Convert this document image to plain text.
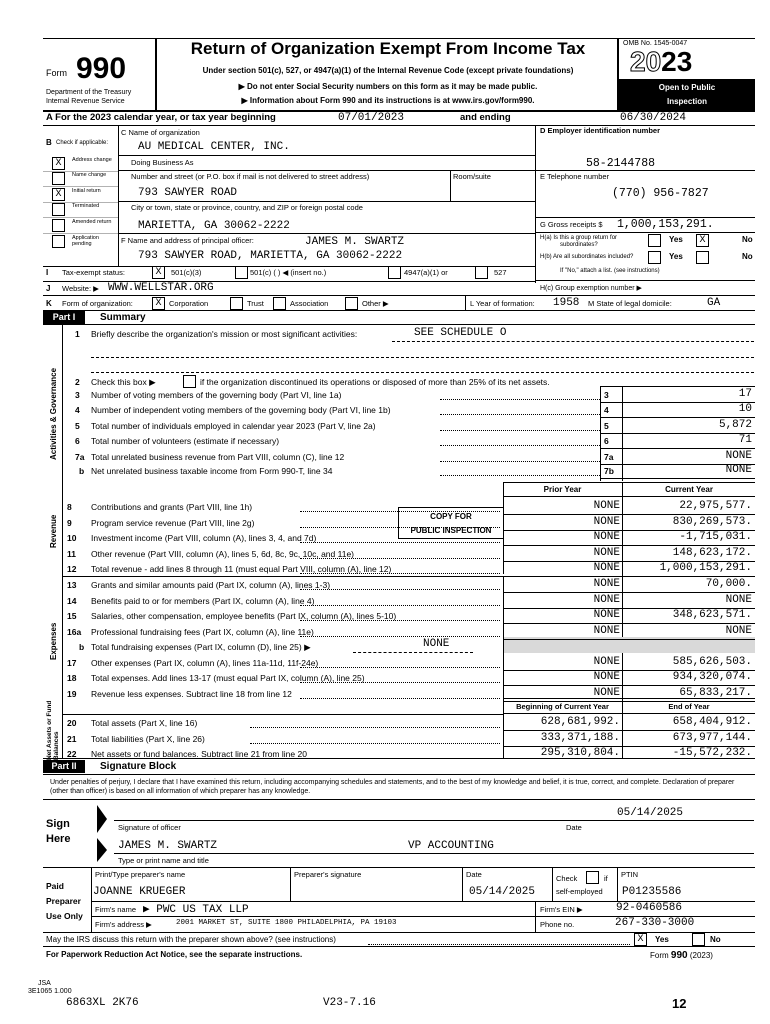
Form 990
Department of the Treasury
Internal Revenue Service
Return of Organization Exempt From Income Tax
Under section 501(c), 527, or 4947(a)(1) of the Internal Revenue Code (except private foundations)
▶ Do not enter Social Security numbers on this form as it may be made public.
▶ Information about Form 990 and its instructions is at www.irs.gov/form990.
OMB No. 1545-0047
2023
Open to Public
Inspection
A For the 2023 calendar year, or tax year beginning	07/01/2023	and ending	06/30/2024
B Check if applicable:
C Name of organization
AU MEDICAL CENTER, INC.
Doing Business As
Number and street (or P.O. box if mail is not delivered to street address)	Room/suite
793 SAWYER ROAD
City or town, state or province, country, and ZIP or foreign postal code
MARIETTA, GA 30062-2222
F Name and address of principal officer:	JAMES M. SWARTZ
793 SAWYER ROAD, MARIETTA, GA 30062-2222
D Employer identification number
58-2144788
E Telephone number
(770) 956-7827
G Gross receipts $ 1,000,153,291.
H(a) Is this a group return for
subordinates?
Yes	X	No
H(b) Are all subordinates included?	Yes	No
If "No," attach a list. (see instructions)
H(c) Group exemption number ▶
I Tax-exempt status:	X	501(c)(3)	501(c) ( ) ◀ (insert no.)	4947(a)(1) or	527
J Website: ▶ WWW.WELLSTAR.ORG
K Form of organization:	X	Corporation	Trust	Association	Other ▶	L Year of formation: 1958 M State of legal domicile:	GA
Part I	Summary
Activities & Governance
Revenue
Expenses
Net Assets or Fund Balances
1 Briefly describe the organization's mission or most significant activities:	SEE SCHEDULE O
2 Check this box ▶	if the organization discontinued its operations or disposed of more than 25% of its net assets.
Prior Year	Current Year
COPY FOR
PUBLIC INSPECTION
b Total fundraising expenses (Part IX, column (D), line 25) ▶	NONE
Beginning of Current Year	End of Year
Part II	Signature Block
Under penalties of perjury, I declare that I have examined this return, including accompanying schedules and statements, and to the best of my knowledge and belief, it is true, correct, and complete. Declaration of preparer (other than officer) is based on all information of which preparer has any knowledge.
Sign
Here
05/14/2025
Signature of officer	Date
JAMES M. SWARTZ	VP ACCOUNTING
Type or print name and title
Paid
Preparer
Use Only
Print/Type preparer's name	Preparer's signature	Date	Check	if
self-employed
PTIN
JOANNE KRUEGER	05/14/2025	P01235586
Firm's name ▶ PWC US TAX LLP	Firm's EIN ▶	92-0460586
Firm's address ▶	2001 MARKET ST, SUITE 1800 PHILADELPHIA, PA 19103	Phone no.	267-330-3000
May the IRS discuss this return with the preparer shown above? (see instructions)	X	Yes	No
For Paperwork Reduction Act Notice, see the separate instructions.	Form 990 (2023)
JSA
3E1065 1.000
6863XL 2K76	V23-7.16	12
X	Address change
Name change
X	Initial return
Terminated
Amended return
Application pending
3 Number of voting members of the governing body (Part VI, line 1a)	3	17
4 Number of independent voting members of the governing body (Part VI, line 1b)	4	10
5 Total number of individuals employed in calendar year 2023 (Part V, line 2a)	5	5,872
6 Total number of volunteers (estimate if necessary)	6	71
7a Total unrelated business revenue from Part VIII, column (C), line 12	7a	NONE
b Net unrelated business taxable income from Form 990-T, line 34	7b	NONE
8 Contributions and grants (Part VIII, line 1h)	NONE	22,975,577.
9 Program service revenue (Part VIII, line 2g)	NONE	830,269,573.
10 Investment income (Part VIII, column (A), lines 3, 4, and 7d)	NONE	-1,715,031.
11 Other revenue (Part VIII, column (A), lines 5, 6d, 8c, 9c, 10c, and 11e)	NONE	148,623,172.
12 Total revenue - add lines 8 through 11 (must equal Part VIII, column (A), line 12)	NONE	1,000,153,291.
13 Grants and similar amounts paid (Part IX, column (A), lines 1-3)	NONE	70,000.
14 Benefits paid to or for members (Part IX, column (A), line 4)	NONE	NONE
15 Salaries, other compensation, employee benefits (Part IX, column (A), lines 5-10)	NONE	348,623,571.
16a Professional fundraising fees (Part IX, column (A), line 11e)	NONE	NONE
17 Other expenses (Part IX, column (A), lines 11a-11d, 11f-24e)	NONE	585,626,503.
18 Total expenses. Add lines 13-17 (must equal Part IX, column (A), line 25)	NONE	934,320,074.
19 Revenue less expenses. Subtract line 18 from line 12	NONE	65,833,217.
20 Total assets (Part X, line 16)	628,681,992.	658,404,912.
21 Total liabilities (Part X, line 26)	333,371,188.	673,977,144.
22 Net assets or fund balances. Subtract line 21 from line 20	295,310,804.	-15,572,232.
